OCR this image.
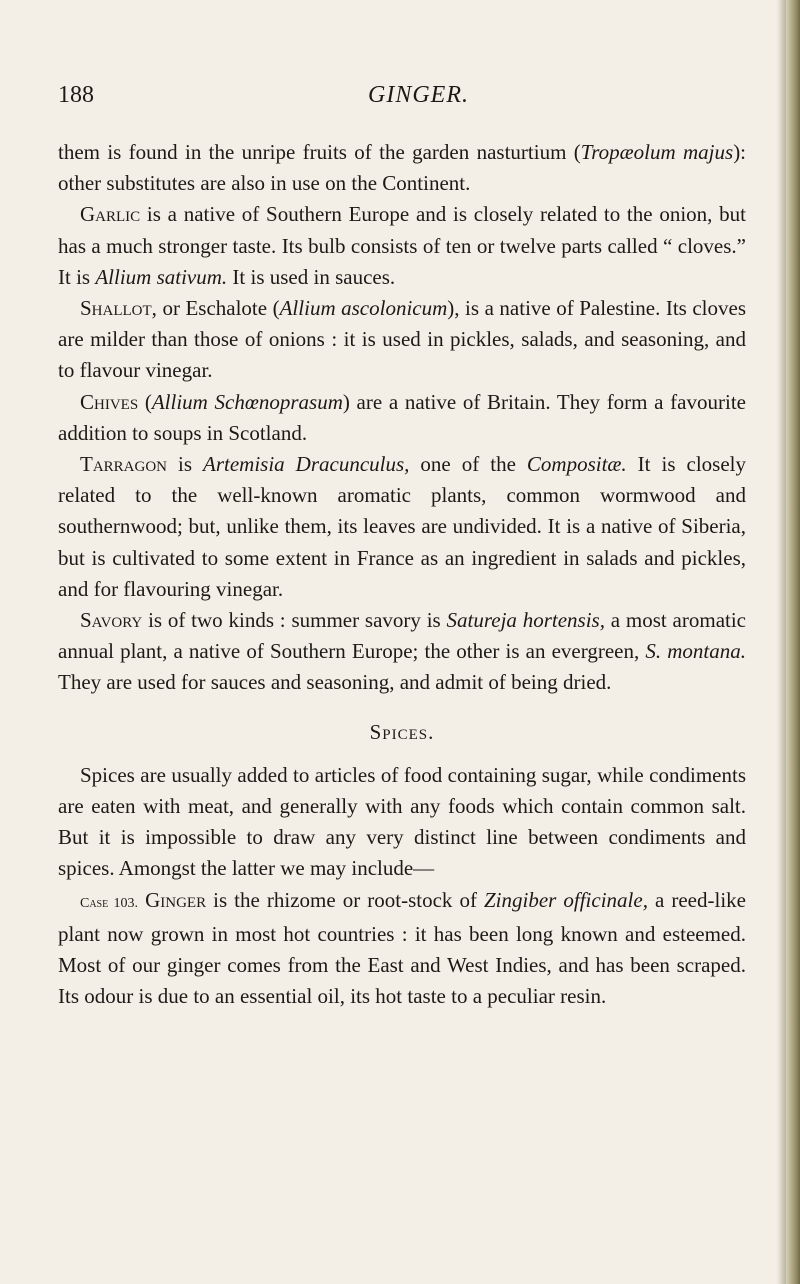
188	GINGER.

them is found in the unripe fruits of the garden nasturtium (Tropæolum majus): other substitutes are also in use on the Continent.

Garlic is a native of Southern Europe and is closely related to the onion, but has a much stronger taste. Its bulb consists of ten or twelve parts called “ cloves.” It is Allium sativum. It is used in sauces.

Shallot, or Eschalote (Allium ascolonicum), is a native of Palestine. Its cloves are milder than those of onions : it is used in pickles, salads, and seasoning, and to flavour vinegar.

Chives (Allium Schœnoprasum) are a native of Britain. They form a favourite addition to soups in Scotland.

Tarragon is Artemisia Dracunculus, one of the Compositæ. It is closely related to the well-known aromatic plants, common wormwood and southernwood; but, unlike them, its leaves are undivided. It is a native of Siberia, but is cultivated to some extent in France as an ingredient in salads and pickles, and for flavouring vinegar.

Savory is of two kinds : summer savory is Satureja hortensis, a most aromatic annual plant, a native of Southern Europe; the other is an evergreen, S. montana. They are used for sauces and seasoning, and admit of being dried.

Spices.

Spices are usually added to articles of food containing sugar, while condiments are eaten with meat, and generally with any foods which contain common salt. But it is impossible to draw any very distinct line between condiments and spices. Amongst the latter we may include—

Case 103. Ginger is the rhizome or root-stock of Zingiber officinale, a reed-like plant now grown in most hot countries : it has been long known and esteemed. Most of our ginger comes from the East and West Indies, and has been scraped. Its odour is due to an essential oil, its hot taste to a peculiar resin.
